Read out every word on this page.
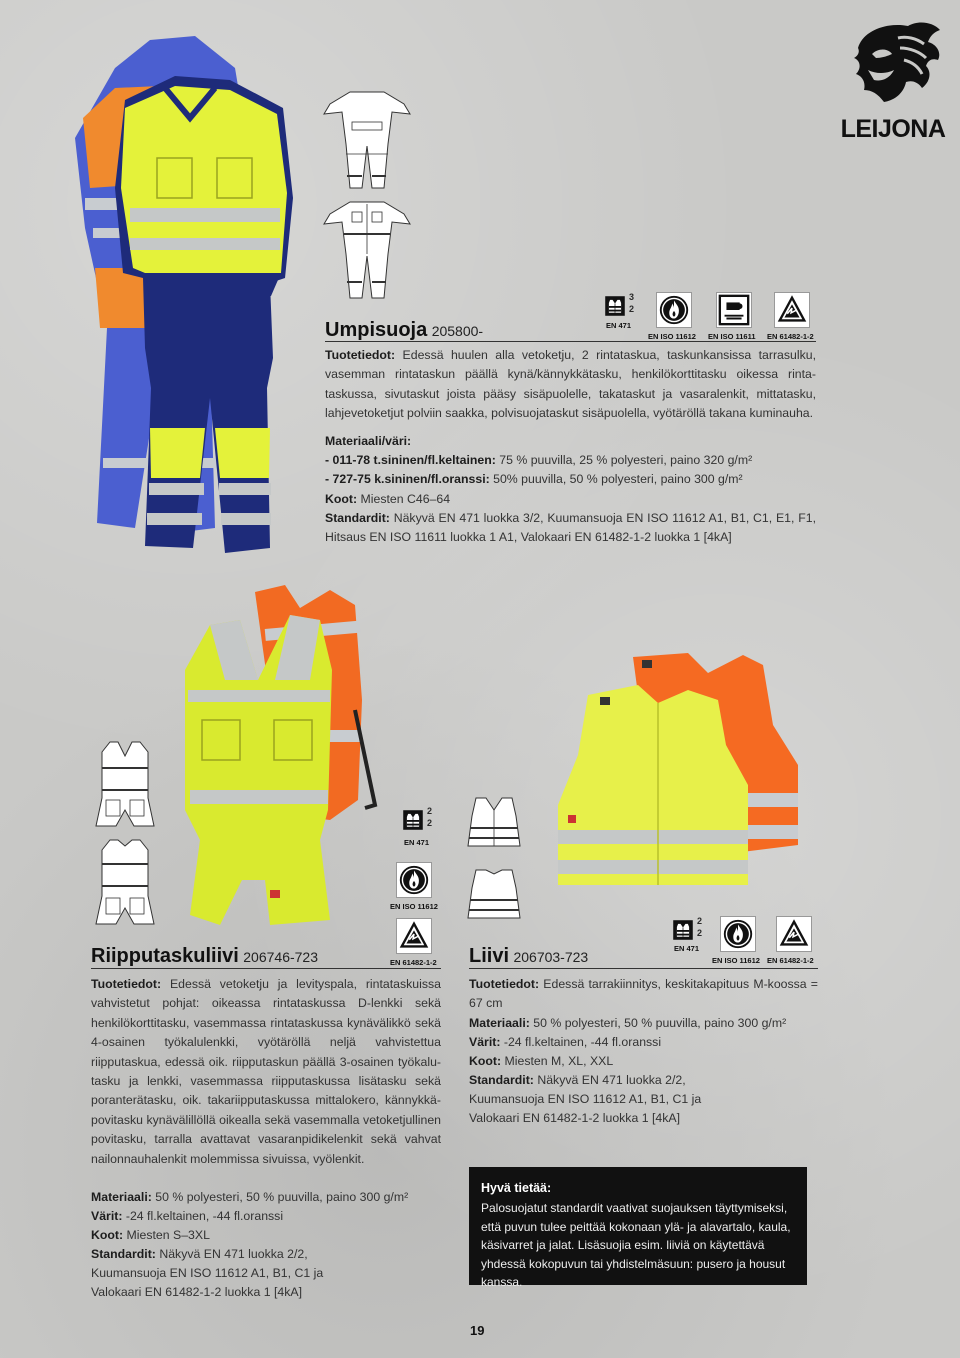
LEIJONA
Umpisuoja 205800-
3
2
EN 471
EN ISO 11612 EN ISO 11611 EN 61482-1-2
Tuotetiedot: Edessä huulen alla vetoketju, 2 rintataskua, taskunkansissa tarrasulku, vasemman rintataskun päällä kynä/kännykkätasku, henkilökorttitasku oikessa rinta-taskussa, sivutaskut joista pääsy sisäpuolelle, takataskut ja vasaralenkit, mittatasku, lahjevetoketjut polviin saakka, polvisuojataskut sisäpuolella, vyötäröllä takana kuminauha.
Materiaali/väri:
- 011-78 t.sininen/fl.keltainen: 75 % puuvilla, 25 % polyesteri, paino 320 g/m²
- 727-75 k.sininen/fl.oranssi: 50% puuvilla, 50 % polyesteri, paino 300 g/m²
Koot: Miesten C46–64
Standardit: Näkyvä EN 471 luokka 3/2, Kuumansuoja EN ISO 11612 A1, B1, C1, E1, F1, Hitsaus EN ISO 11611 luokka 1 A1, Valokaari EN 61482-1-2 luokka 1 [4kA]
2
2
EN 471
EN ISO 11612
EN 61482-1-2
Riipputaskuliivi 206746-723
Tuotetiedot: Edessä vetoketju ja levityspala, rintataskuissa vahvistetut pohjat: oikeassa rintataskussa D-lenkki sekä henkilökorttitasku, vasemmassa rintataskussa kynävälikkö sekä 4-osainen työkalulenkki, vyötäröllä neljä vahvistettua riipputaskua, edessä oik. riipputaskun päällä 3-osainen työkalu-tasku ja lenkki, vasemmassa riipputaskussa lisätasku sekä poranterätasku, oik. takariipputaskussa mittalokero, kännykkä-povitasku kynävälillöllä oikealla sekä vasemmalla vetoketjullinen povitasku, tarralla avattavat vasaranpidikelenkit sekä vahvat nailonnauhalenkit molemmissa sivuissa, vyölenkit.
Materiaali: 50 % polyesteri, 50 % puuvilla, paino 300 g/m²
Värit: -24 fl.keltainen, -44 fl.oranssi
Koot: Miesten S–3XL
Standardit: Näkyvä EN 471 luokka 2/2,
Kuumansuoja EN ISO 11612 A1, B1, C1 ja
Valokaari EN 61482-1-2 luokka 1 [4kA]
Liivi 206703-723
2
2
EN 471
EN ISO 11612 EN 61482-1-2
Tuotetiedot: Edessä tarrakiinnitys, keskitakapituus M-koossa = 67 cm
Materiaali: 50 % polyesteri, 50 % puuvilla, paino 300 g/m²
Värit: -24 fl.keltainen, -44 fl.oranssi
Koot: Miesten M, XL, XXL
Standardit: Näkyvä EN 471 luokka 2/2,
Kuumansuoja EN ISO 11612 A1, B1, C1 ja
Valokaari EN 61482-1-2 luokka 1 [4kA]
Hyvä tietää:
Palosuojatut standardit vaativat suojauksen täyttymiseksi, että puvun tulee peittää kokonaan ylä- ja alavartalo, kaula, käsivarret ja jalat. Lisäsuojia esim. liiviä on käytettävä yhdessä kokopuvun tai yhdistelmäsuun: pusero ja housut kanssa.
19
